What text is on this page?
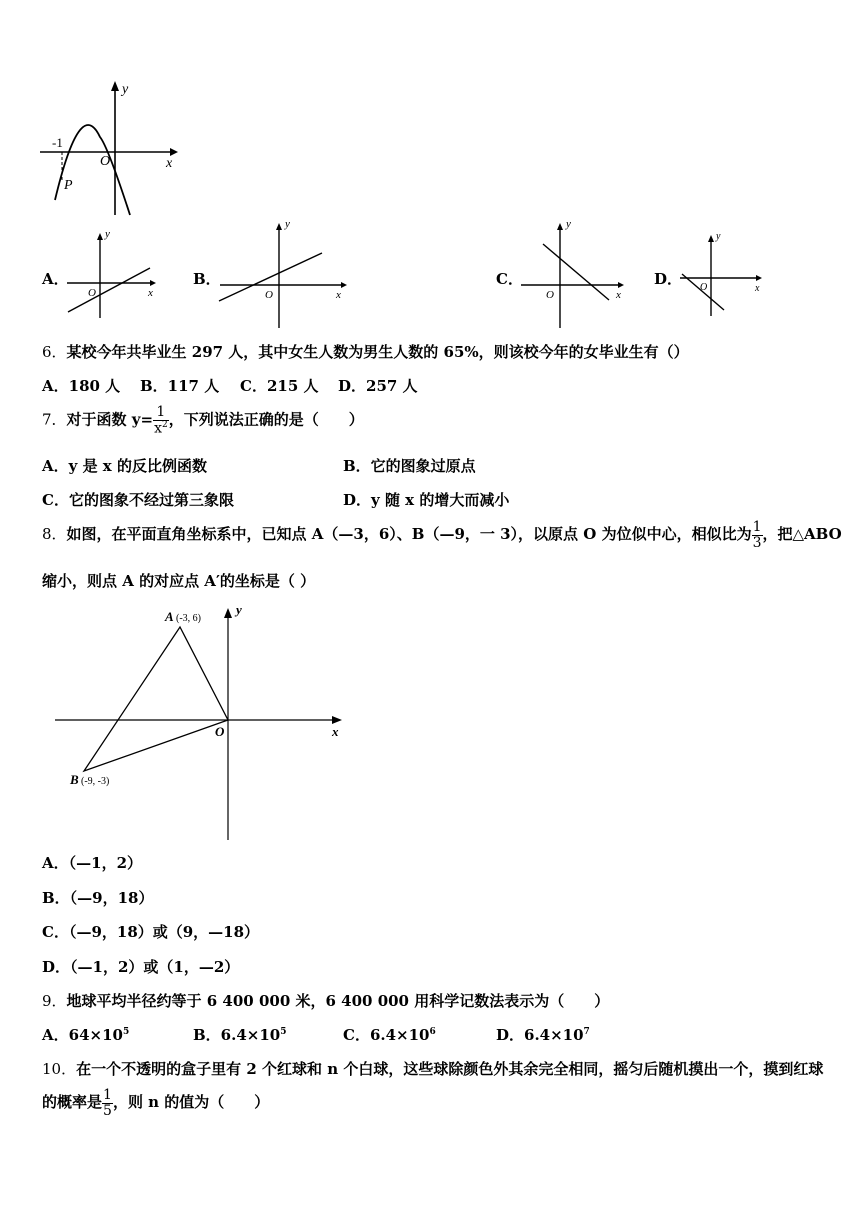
y
x
O
-1
P
A．
y
x
O
B．
y
x
O
C．
y
x
O
D．
y
x
O
6．某校今年共毕业生 297 人，其中女生人数为男生人数的 65%，则该校今年的女毕业生有（）
A．180 人 B．117 人 C．215 人 D．257 人
7．对于函数 $y= \frac{1}{x^2}$ ，下列说法正确的是（　　）
A．y 是 x 的反比例函数	B．它的图象过原点
C．它的图象不经过第三象限	D．y 随 x 的增大而减小
8．如图，在平面直角坐标系中，已知点 A（—3，6）、B（—9，一 3），以原点 O 为位似中心，相似比为 $\frac{1}{3}$ ，把△ABO
缩小，则点 A 的对应点 A′的坐标是（ ）
y
x
O
A (-3, 6)
B (-9, -3)
A．（—1，2）
B．（—9，18）
C．（—9，18）或（9，—18）
D．（—1，2）或（1，—2）
9．地球平均半径约等于 6 400 000 米，6 400 000 用科学记数法表示为（　　）
A．$64\times 10^5$	B．$6.4\times 10^5$	C．$6.4\times 10^6$	D．$6.4\times 10^7$
10．在一个不透明的盒子里有 2 个红球和 n 个白球，这些球除颜色外其余完全相同，摇匀后随机摸出一个，摸到红球
的概率是 $\frac{1}{5}$ ，则 n 的值为（　　）
